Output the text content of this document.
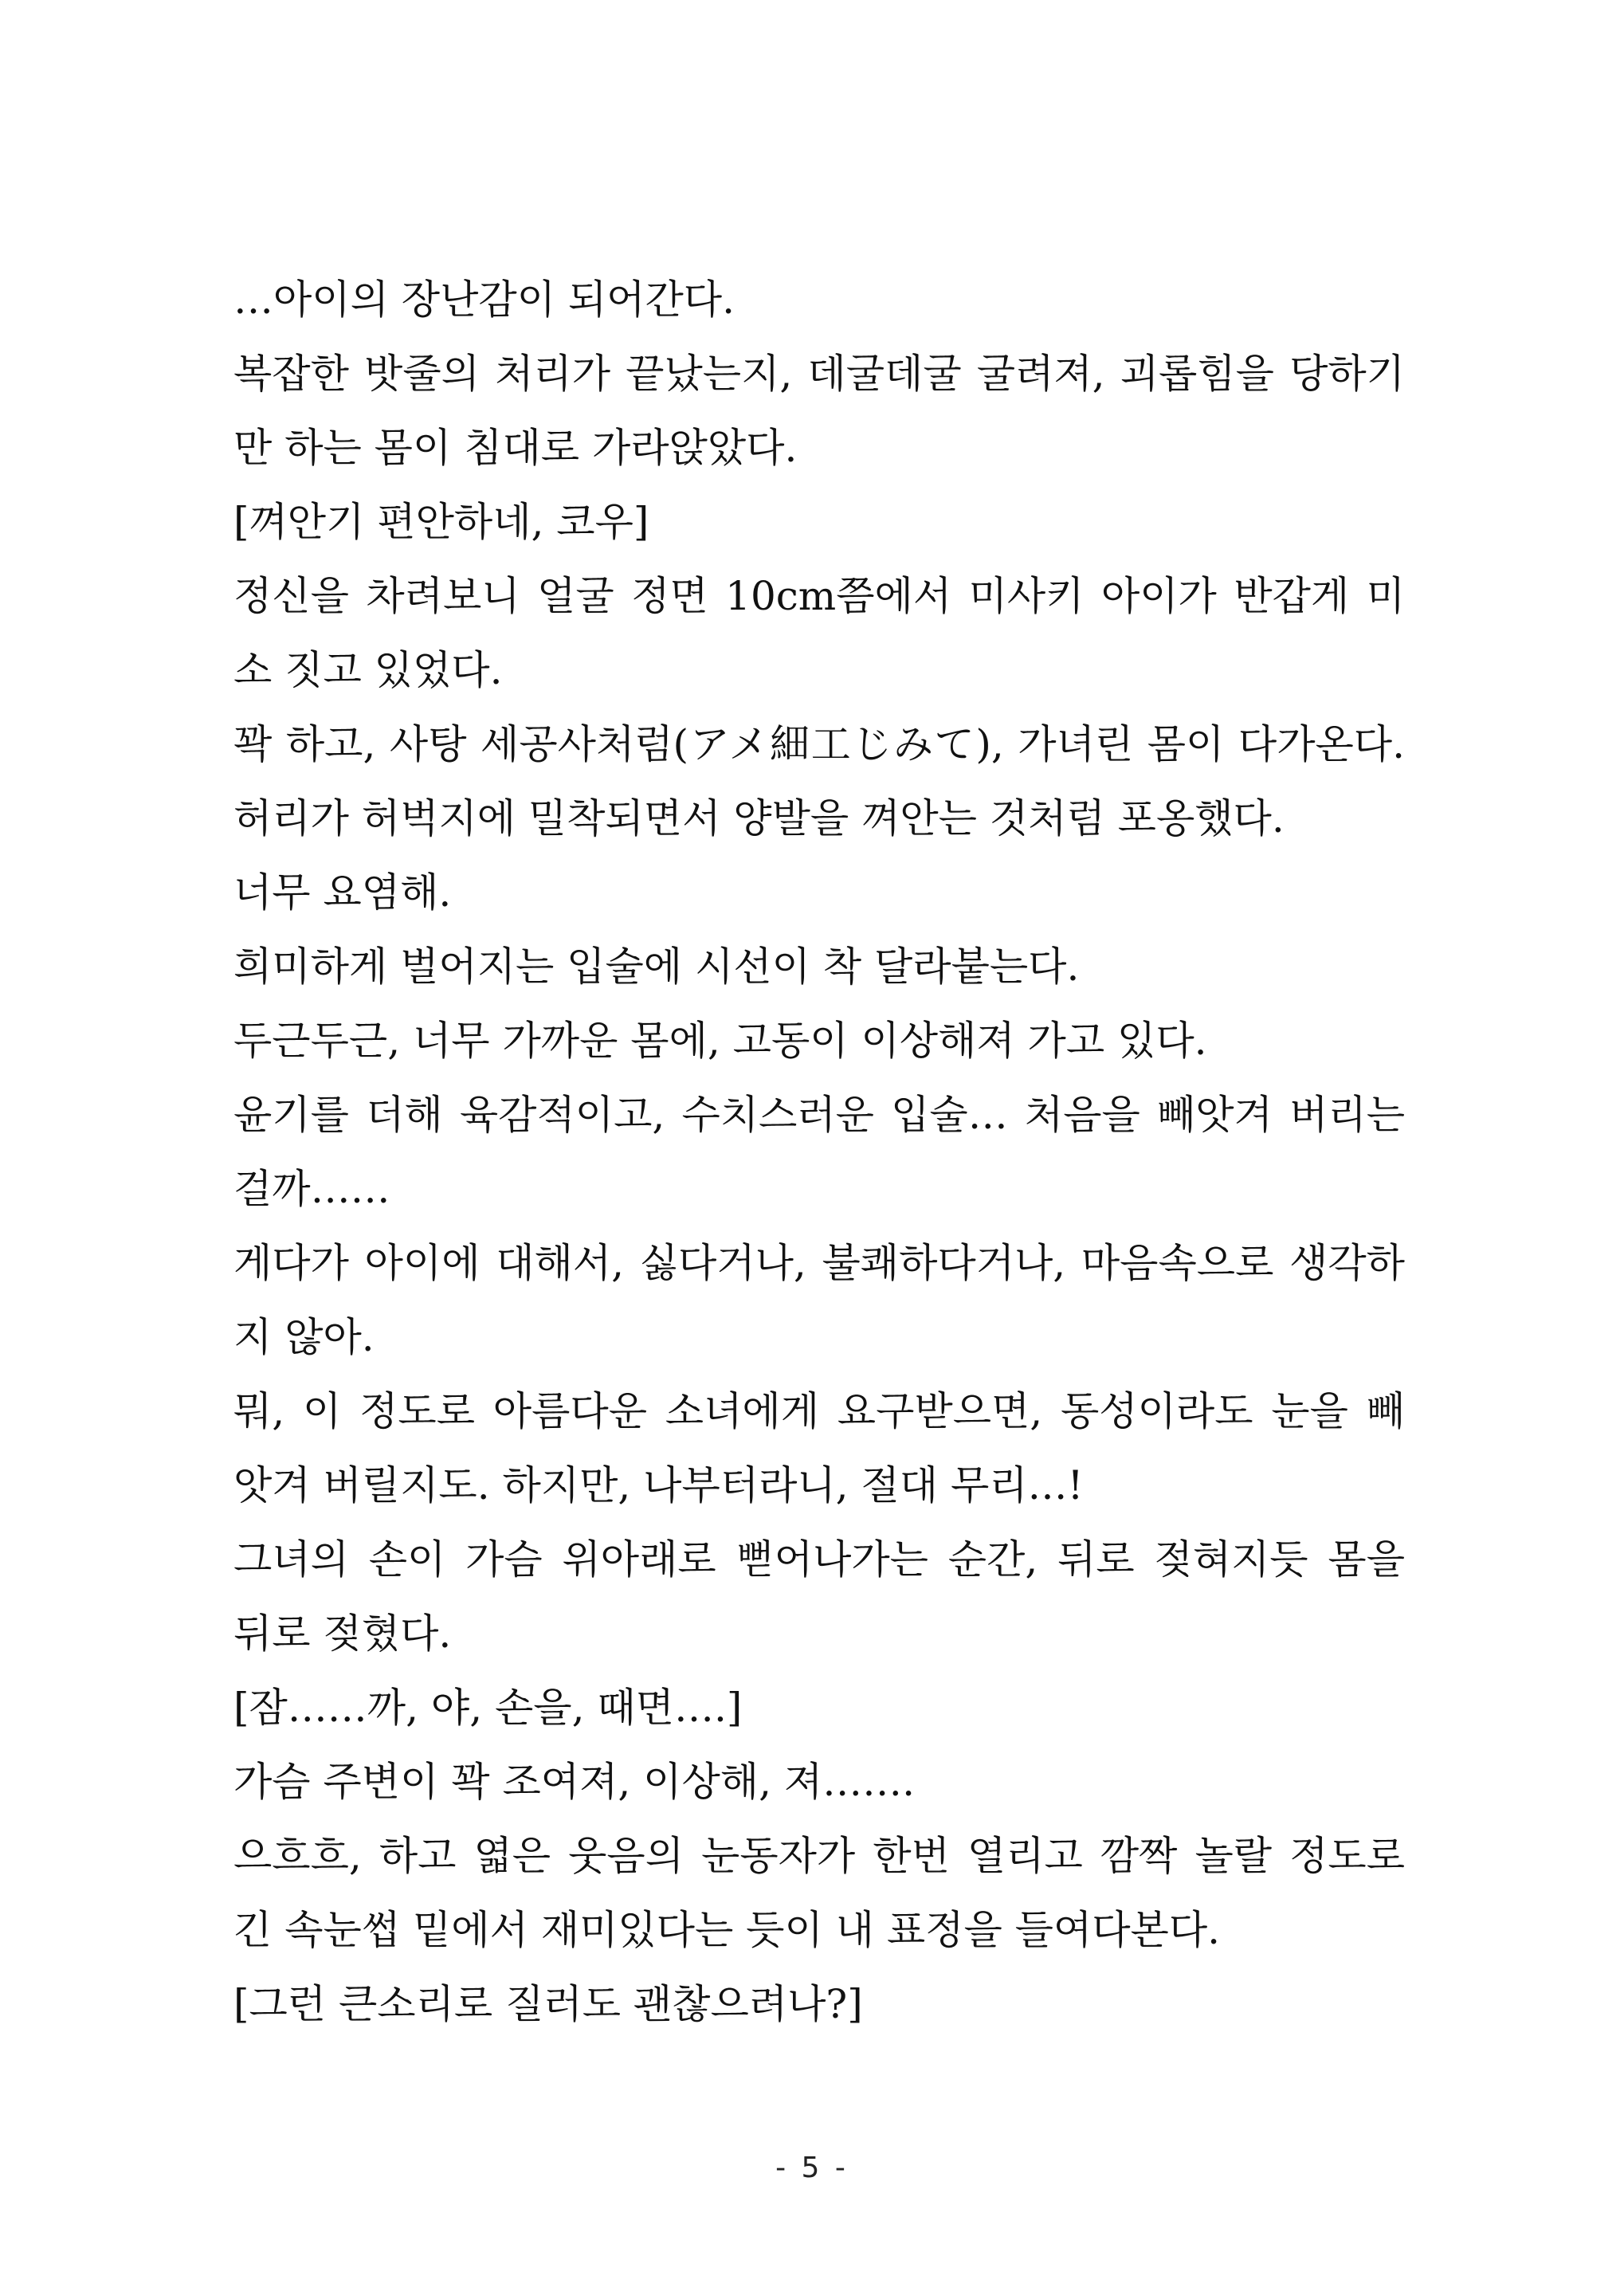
…아이의 장난감이 되어간다.
복잡한 밧줄의 처리가 끝났는지, 데굴데굴 굴려져, 괴롭힘을 당하기
만 하는 몸이 침대로 가라앉았다.
[껴안기 편안하네, 코우]
정신을 차려보니 얼굴 정면 10cm쯤에서 미사키 아이가 반갑게 미
소 짓고 있었다.
꽉 하고, 사탕 세공사처럼(アメ細工じみて), 가녀린 몸이 다가온다.
허리가 허벅지에 밀착되면서 양발을 껴안는 것처럼 포옹했다.
너무 요염해.
희미하게 벌어지는 입술에 시선이 착 달라붙는다.
두근두근, 너무 가까운 몸에, 고동이 이상해져 가고 있다.
윤기를 더해 육감적이고, 수치스러운 입술… 처음을 빼앗겨 버리는
걸까……
게다가 아이에 대해서, 싫다거나, 불쾌하다거나, 마음속으로 생각하
지 않아.
뭐, 이 정도로 아름다운 소녀에게 요구받으면, 동성이라도 눈을 빼
앗겨 버릴지도. 하지만, 나부터라니, 절대 무리…!
그녀의 손이 가슴 위아래로 뻗어나가는 순간, 뒤로 젖혀지듯 몸을
뒤로 젖혔다.
[잠……까, 야, 손을, 때면….]
가슴 주변이 꽉 조여져, 이상해, 져…….
으흐흐, 하고 엷은 웃음의 눈동자가 한번 열리고 깜짝 놀랄 정도로
긴 속눈썹 밑에서 재미있다는 듯이 내 표정을 들여다본다.
[그런 큰소리로 질러도 괜찮으려나?]
- 5 -
